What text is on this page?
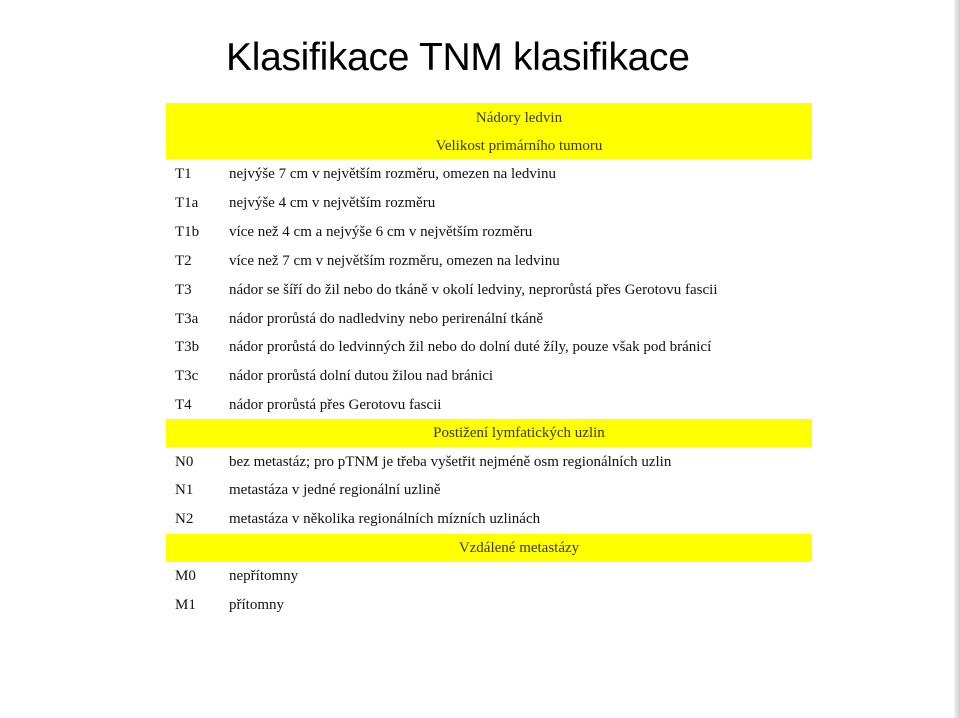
Klasifikace TNM klasifikace
Nádory ledvin
Velikost primárního tumoru
Postižení lymfatických uzlin
Vzdálené metastázy
T1 nejvýše 7 cm v největším rozměru, omezen na ledvinu
T1a nejvýše 4 cm v největším rozměru
T1b více než 4 cm a nejvýše 6 cm v největším rozměru
T2 více než 7 cm v největším rozměru, omezen na ledvinu
T3 nádor se šíří do žil nebo do tkáně v okolí ledviny, neprorůstá přes Gerotovu fascii
T3a nádor prorůstá do nadledviny nebo perirenální tkáně
T3b nádor prorůstá do ledvinných žil nebo do dolní duté žíly, pouze však pod bránicí
T3c nádor prorůstá dolní dutou žilou nad bránici
T4 nádor prorůstá přes Gerotovu fascii
N0 bez metastáz; pro pTNM je třeba vyšetřit nejméně osm regionálních uzlin
N1 metastáza v jedné regionální uzlině
N2 metastáza v několika regionálních mízních uzlinách
M0 nepřítomny
M1 přítomny
